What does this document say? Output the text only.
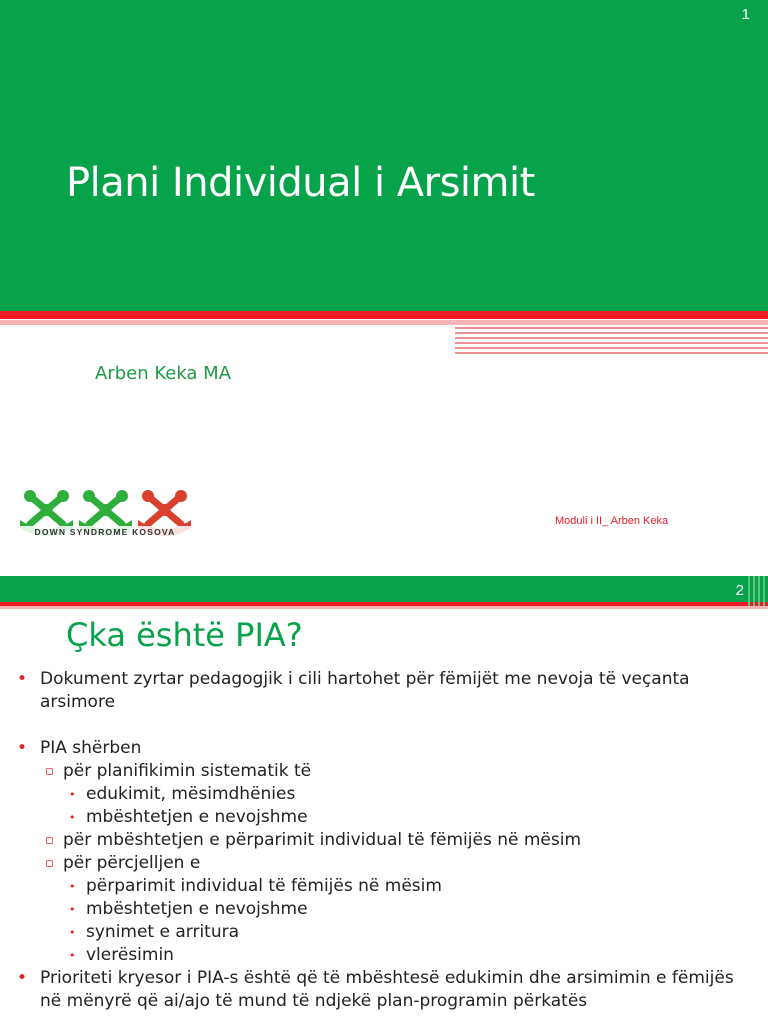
1
Plani Individual i Arsimit
Arben Keka MA
DOWN SYNDROME KOSOVA
Moduli i II_ Arben Keka
2
Çka është PIA?
• Dokument zyrtar pedagogjik i cili hartohet për fëmijët me nevoja të veçanta arsimore
• PIA shërben
▫ për planifikimin sistematik të
• edukimit, mësimdhënies
• mbështetjen e nevojshme
▫ për mbështetjen e përparimit individual të fëmijës në mësim
▫ për përcjelljen e
• përparimit individual të fëmijës në mësim
• mbështetjen e nevojshme
• synimet e arritura
• vlerësimin
• Prioriteti kryesor i PIA-s është që të mbështesë edukimin dhe arsimimin e fëmijës në mënyrë që ai/ajo të mund të ndjekë plan-programin përkatës
